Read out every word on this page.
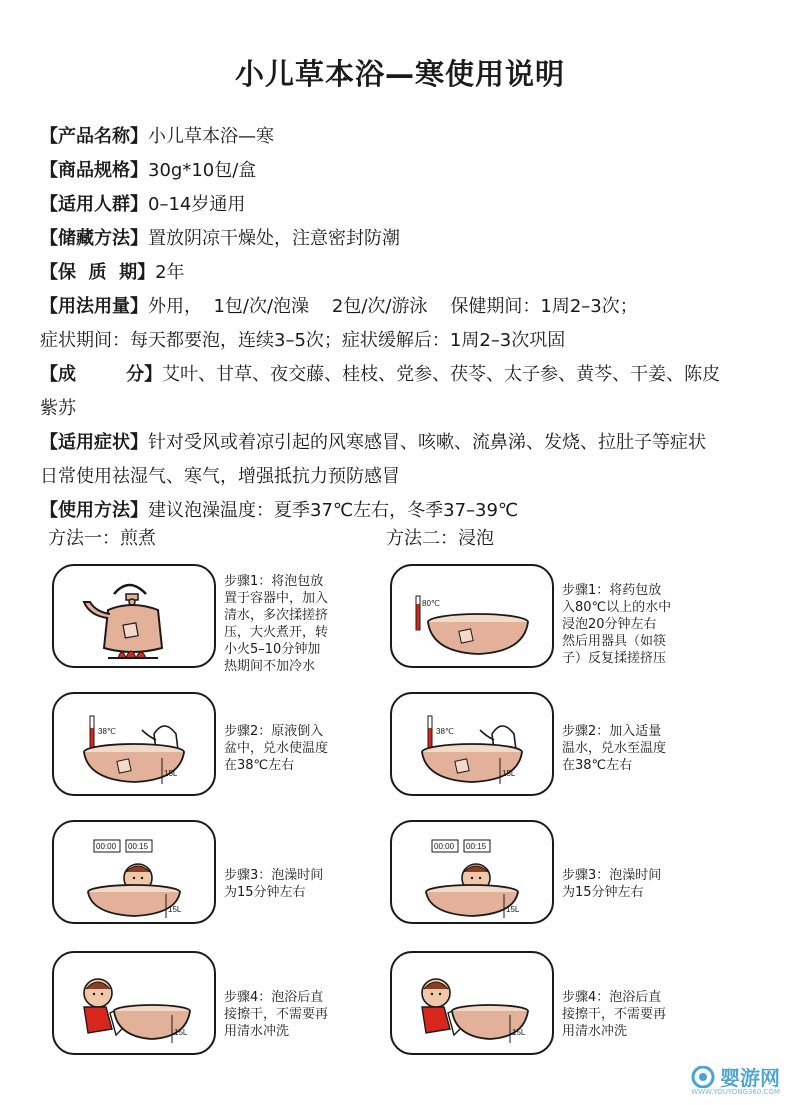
小儿草本浴—寒使用说明
【产品名称】小儿草本浴—寒
【商品规格】30g*10包/盒
【适用人群】0–14岁通用
【储藏方法】置放阴凉干燥处，注意密封防潮
【保  质  期】2年
【用法用量】外用，  1包/次/泡澡    2包/次/游泳    保健期间：1周2–3次；
症状期间：每天都要泡，连续3–5次；症状缓解后：1周2–3次巩固
【成        分】艾叶、甘草、夜交藤、桂枝、党参、茯苓、太子参、黄芩、干姜、陈皮
紫苏
【适用症状】针对受风或着凉引起的风寒感冒、咳嗽、流鼻涕、发烧、拉肚子等症状
日常使用祛湿气、寒气，增强抵抗力预防感冒
【使用方法】建议泡澡温度：夏季37℃左右，冬季37–39℃
方法一：煎煮	方法二：浸泡
步骤1：将泡包放
置于容器中，加入
清水，多次揉搓挤
压，大火煮开，转
小火5–10分钟加
热期间不加冷水
38℃
15L
步骤2：原液倒入
盆中，兑水使温度
在38℃左右
00:00 00:15
15L
步骤3：泡澡时间
为15分钟左右
15L
步骤4：泡浴后直
接擦干，不需要再
用清水冲洗
80℃
步骤1：将药包放
入80℃以上的水中
浸泡20分钟左右
然后用器具（如筷
子）反复揉搓挤压
38℃
15L
步骤2：加入适量
温水，兑水至温度
在38℃左右
00:00 00:15
15L
步骤3：泡澡时间
为15分钟左右
15L
步骤4：泡浴后直
接擦干，不需要再
用清水冲洗
婴游网
WWW.YOUYONG360.COM
